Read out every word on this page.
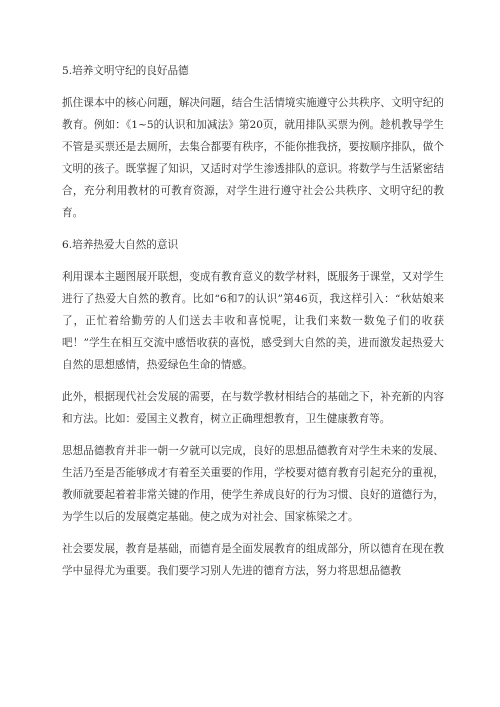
5.培养文明守纪的良好品德

抓住课本中的核心问题，解决问题，结合生活情境实施遵守公共秩序、文明守纪的教育。例如：《1~5的认识和加减法》第20页，就用排队买票为例。趁机教导学生不管是买票还是去厕所，去集合都要有秩序，不能你推我挤，要按顺序排队，做个文明的孩子。既掌握了知识，又适时对学生渗透排队的意识。将数学与生活紧密结合，充分利用教材的可教育资源，对学生进行遵守社会公共秩序、文明守纪的教育。

6.培养热爱大自然的意识

利用课本主题图展开联想，变成有教育意义的数学材料，既服务于课堂，又对学生进行了热爱大自然的教育。比如“6和7的认识”第46页，我这样引入：“秋姑娘来了，正忙着给勤劳的人们送去丰收和喜悦呢，让我们来数一数兔子们的收获吧！”学生在相互交流中感悟收获的喜悦，感受到大自然的美，进而激发起热爱大自然的思想感情，热爱绿色生命的情感。

此外，根据现代社会发展的需要，在与数学教材相结合的基础之下，补充新的内容和方法。比如：爱国主义教育，树立正确理想教育，卫生健康教育等。

思想品德教育并非一朝一夕就可以完成，良好的思想品德教育对学生未来的发展、生活乃至是否能够成才有着至关重要的作用，学校要对德育教育引起充分的重视，教师就要起着着非常关键的作用，使学生养成良好的行为习惯、良好的道德行为，为学生以后的发展奠定基础。使之成为对社会、国家栋梁之才。

社会要发展，教育是基础，而德育是全面发展教育的组成部分，所以德育在现在教学中显得尤为重要。我们要学习别人先进的德育方法，努力将思想品德教
